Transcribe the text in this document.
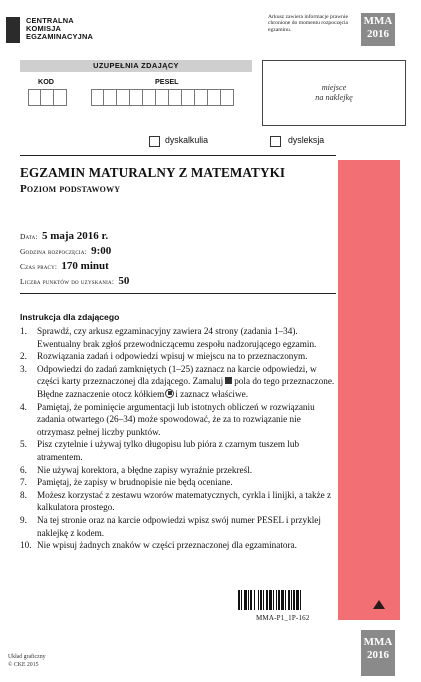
CENTRALNA
KOMISJA
EGZAMINACYJNA
Arkusz zawiera informacje prawnie chronione do momentu rozpoczęcia egzaminu.
MMA
2016
UZUPEŁNIA ZDAJĄCY
KOD	PESEL
miejsce
na naklejkę
dyskalkulia	dysleksja
EGZAMIN MATURALNY Z MATEMATYKI
Poziom podstawowy
Data: 5 maja 2016 r.
Godzina rozpoczęcia: 9:00
Czas pracy: 170 minut
Liczba punktów do uzyskania: 50
Instrukcja dla zdającego
1.	Sprawdź, czy arkusz egzaminacyjny zawiera 24 strony (zadania 1–34). Ewentualny brak zgłoś przewodniczącemu zespołu nadzorującego egzamin.
2.	Rozwiązania zadań i odpowiedzi wpisuj w miejscu na to przeznaczonym.
3.	Odpowiedzi do zadań zamkniętych (1–25) zaznacz na karcie odpowiedzi, w części karty przeznaczonej dla zdającego. Zamaluj pola do tego przeznaczone. Błędne zaznaczenie otocz kółkiem i zaznacz właściwe.
4.	Pamiętaj, że pominięcie argumentacji lub istotnych obliczeń w rozwiązaniu zadania otwartego (26–34) może spowodować, że za to rozwiązanie nie otrzymasz pełnej liczby punktów.
5.	Pisz czytelnie i używaj tylko długopisu lub pióra z czarnym tuszem lub atramentem.
6.	Nie używaj korektora, a błędne zapisy wyraźnie przekreśl.
7.	Pamiętaj, że zapisy w brudnopisie nie będą oceniane.
8.	Możesz korzystać z zestawu wzorów matematycznych, cyrkla i linijki, a także z kalkulatora prostego.
9.	Na tej stronie oraz na karcie odpowiedzi wpisz swój numer PESEL i przyklej naklejkę z kodem.
10. Nie wpisuj żadnych znaków w części przeznaczonej dla egzaminatora.
MMA-P1_1P-162
MMA
2016
Układ graficzny
© CKE 2015
